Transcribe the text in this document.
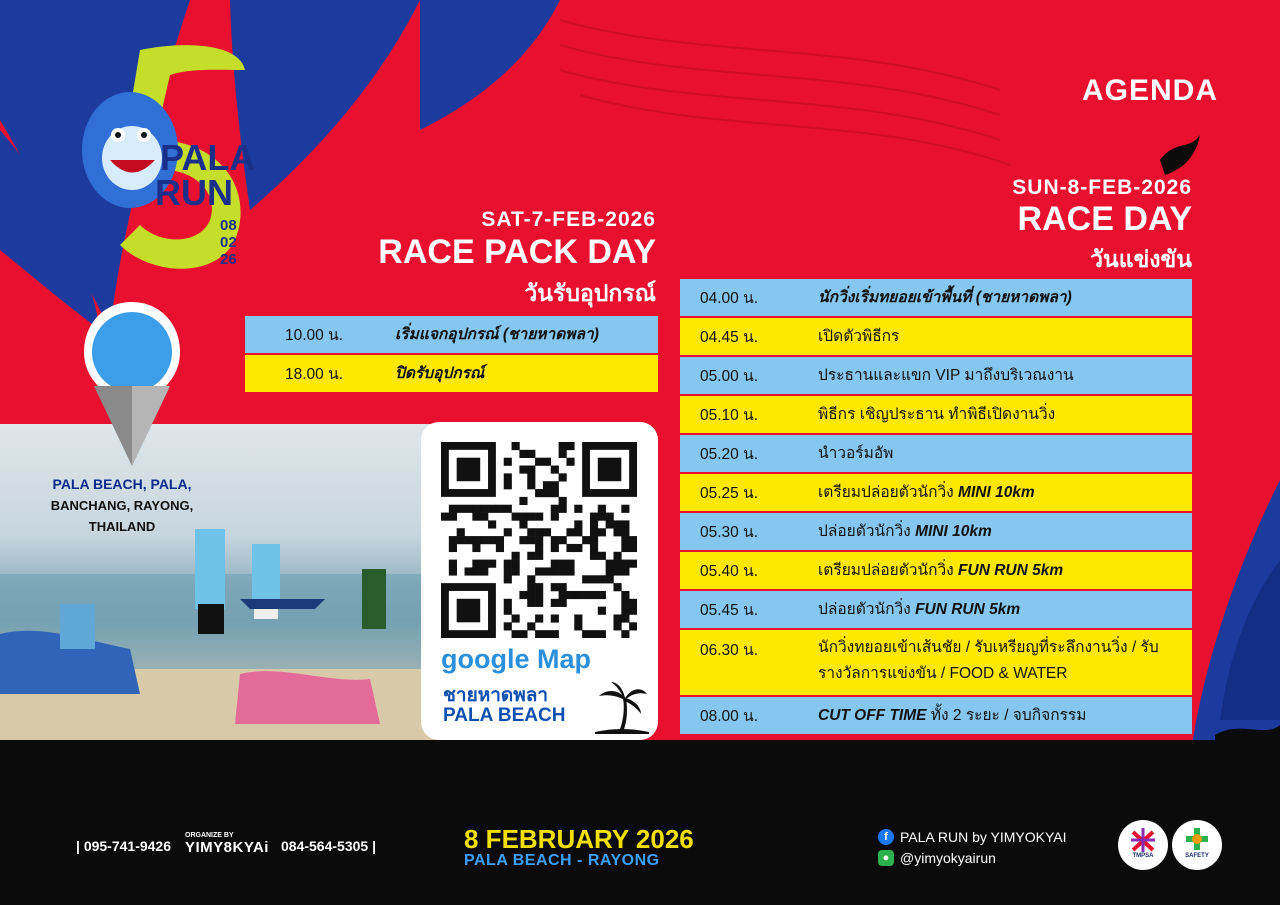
PALA
RUN
08
02
26
AGENDA
SUN-8-FEB-2026
RACE DAY
วันแข่งขัน
SAT-7-FEB-2026
RACE PACK DAY
วันรับอุปกรณ์
10.00 น.	เริ่มแจกอุปกรณ์ (ชายหาดพลา)
18.00 น.	ปิดรับอุปกรณ์
04.00 น.	นักวิ่งเริ่มทยอยเข้าพื้นที่ (ชายหาดพลา)
04.45 น.	เปิดตัวพิธีกร
05.00 น.	ประธานและแขก VIP มาถึงบริเวณงาน
05.10 น.	พิธีกร เชิญประธาน ทำพิธีเปิดงานวิ่ง
05.20 น.	นำวอร์มอัพ
05.25 น.	เตรียมปล่อยตัวนักวิ่ง MINI 10km
05.30 น.	ปล่อยตัวนักวิ่ง MINI 10km
05.40 น.	เตรียมปล่อยตัวนักวิ่ง FUN RUN 5km
05.45 น.	ปล่อยตัวนักวิ่ง FUN RUN 5km
06.30 น.	นักวิ่งทยอยเข้าเส้นชัย / รับเหรียญที่ระลึกงานวิ่ง / รับรางวัลการแข่งขัน / FOOD & WATER
08.00 น.	CUT OFF TIME ทั้ง 2 ระยะ / จบกิจกรรม
PALA BEACH, PALA,
BANCHANG, RAYONG,
THAILAND
google Map
ชายหาดพลา
PALA BEACH
| 095-741-9426
ORGANIZE BY
YIMY8KYAi 084-564-5305 |	8 FEBRUARY 2026
PALA BEACH - RAYONG
f PALA RUN by YIMYOKYAI
● @yimyokyairun	TMPSA	SAFETY
